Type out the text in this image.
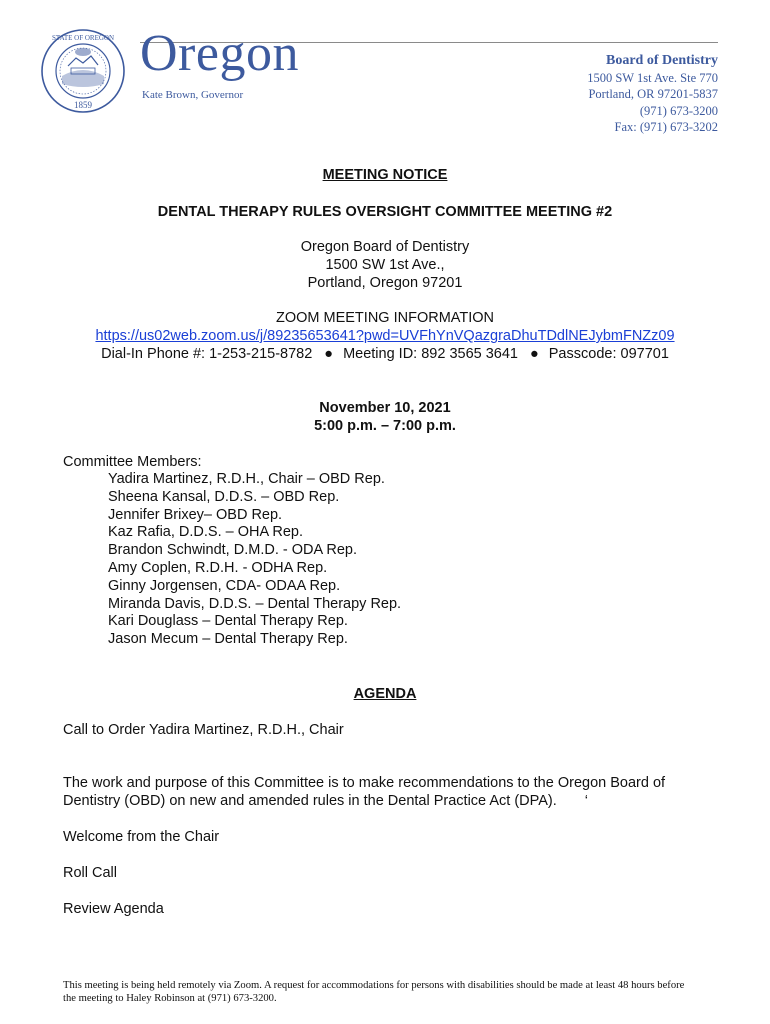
1859
STATE OF OREGON Oregon
Kate Brown, Governor
Board of Dentistry
1500 SW 1st Ave. Ste 770
Portland, OR 97201-5837
(971) 673-3200
Fax: (971) 673-3202
MEETING NOTICE
DENTAL THERAPY RULES OVERSIGHT COMMITTEE MEETING #2
Oregon Board of Dentistry
1500 SW 1st Ave.,
Portland, Oregon 97201
ZOOM MEETING INFORMATION
https://us02web.zoom.us/j/89235653641?pwd=UVFhYnVQazgraDhuTDdlNEJybmFNZz09
Dial-In Phone #: 1-253-215-8782 ● Meeting ID: 892 3565 3641 ● Passcode: 097701
November 10, 2021
5:00 p.m. – 7:00 p.m.
Committee Members:
Yadira Martinez, R.D.H., Chair – OBD Rep.
Sheena Kansal, D.D.S. – OBD Rep.
Jennifer Brixey– OBD Rep.
Kaz Rafia, D.D.S. – OHA Rep.
Brandon Schwindt, D.M.D. - ODA Rep.
Amy Coplen, R.D.H. - ODHA Rep.
Ginny Jorgensen, CDA- ODAA Rep.
Miranda Davis, D.D.S. – Dental Therapy Rep.
Kari Douglass – Dental Therapy Rep.
Jason Mecum – Dental Therapy Rep.
AGENDA
Call to Order Yadira Martinez, R.D.H., Chair
The work and purpose of this Committee is to make recommendations to the Oregon Board of
Dentistry (OBD) on new and amended rules in the Dental Practice Act (DPA). ‘
Welcome from the Chair
Roll Call
Review Agenda
This meeting is being held remotely via Zoom. A request for accommodations for persons with disabilities should be made at least 48 hours before
the meeting to Haley Robinson at (971) 673-3200.
